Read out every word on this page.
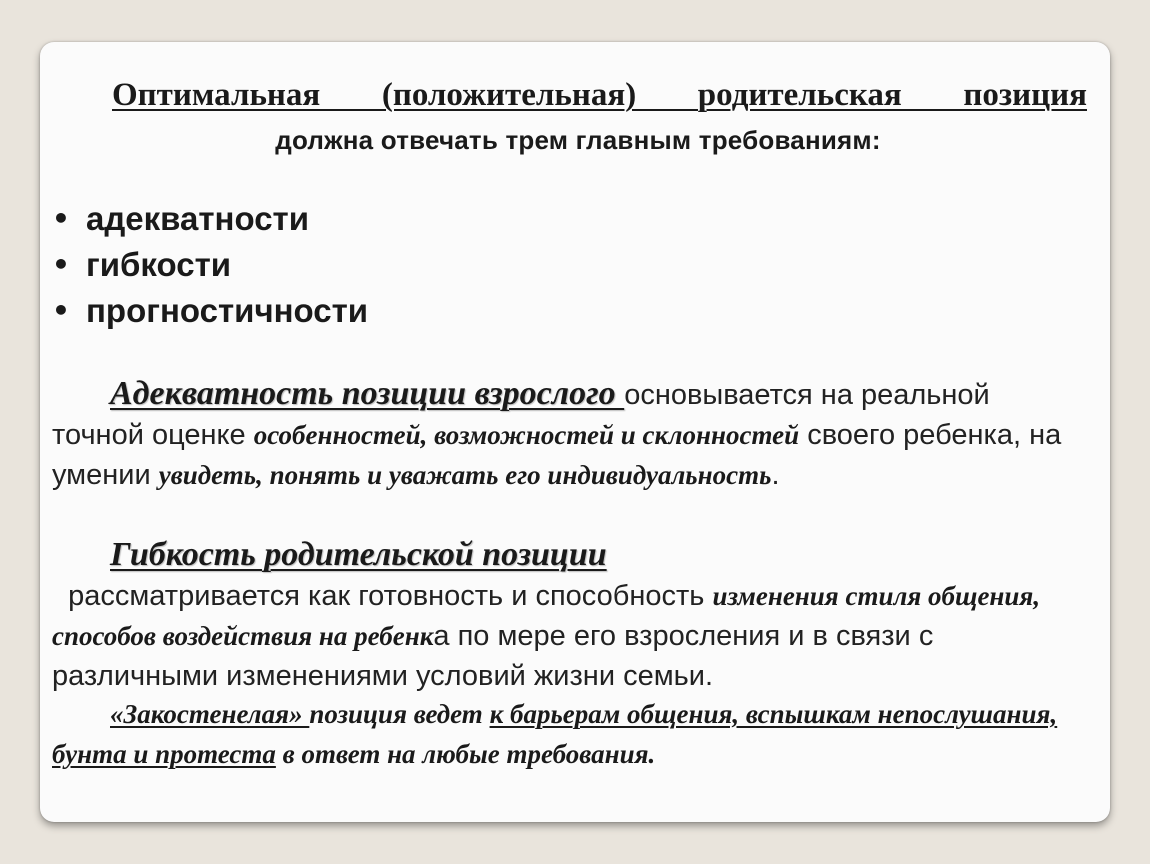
Оптимальная (положительная) родительская позиция
должна отвечать трем главным требованиям:
• адекватности
• гибкости
• прогностичности
Адекватность позиции взрослого основывается на реальной точной оценке особенностей, возможностей и склонностей своего ребенка, на умении увидеть, понять и уважать его индивидуальность.
Гибкость родительской позиции  рассматривается как готовность и способность изменения стиля общения, способов воздействия на ребенка по мере его взросления и в связи с различными изменениями условий жизни семьи.
«Закостенелая» позиция ведет к барьерам общения, вспышкам непослушания, бунта и протеста в ответ на любые требования.
